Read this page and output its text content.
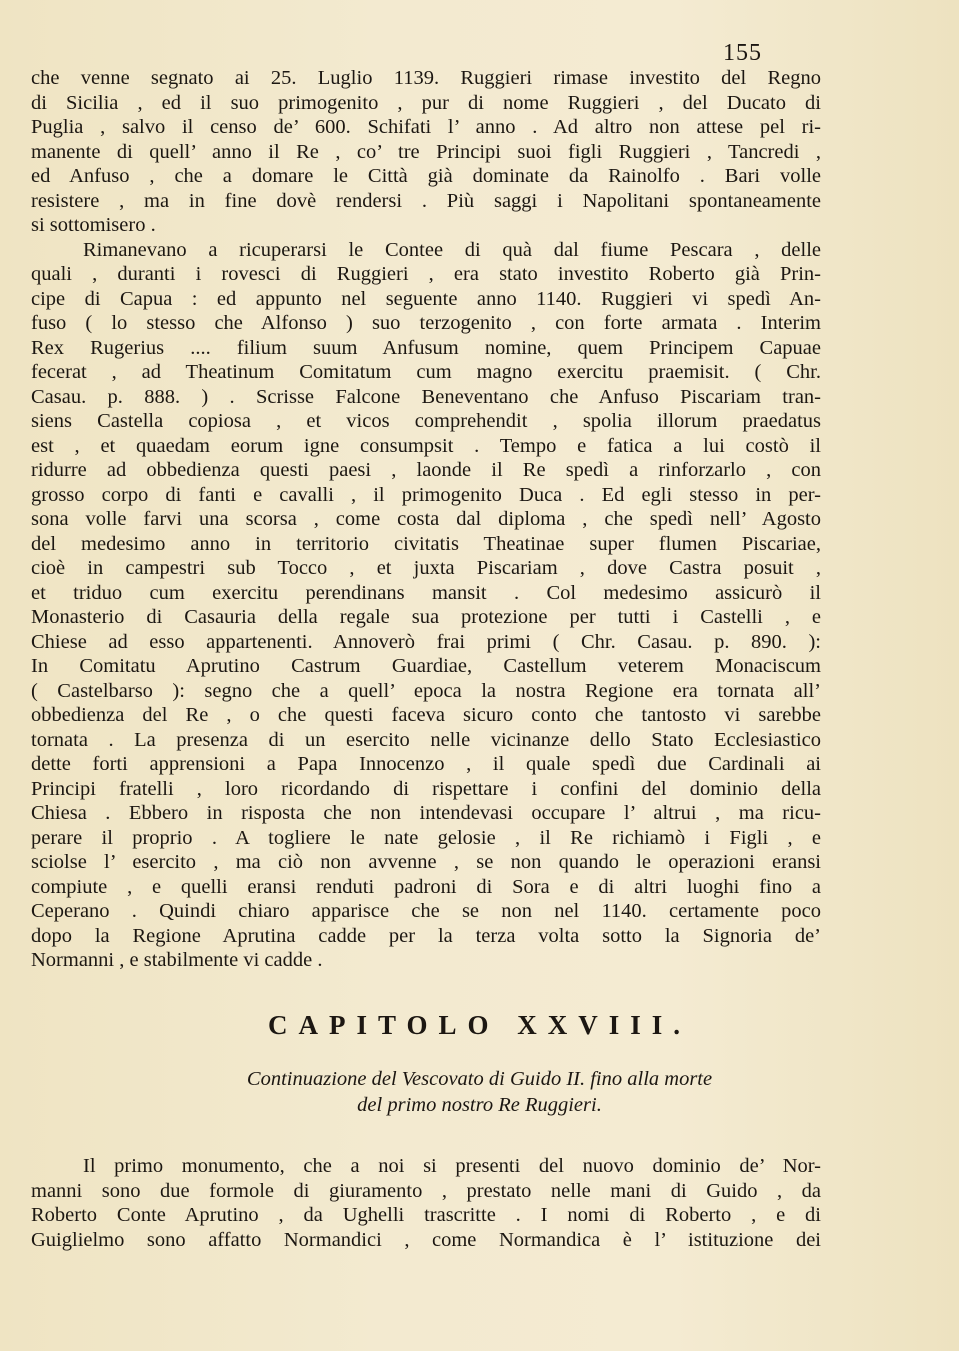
155
che venne segnato ai 25. Luglio 1139. Ruggieri rimase investito del Regno
di Sicilia , ed il suo primogenito , pur di nome Ruggieri , del Ducato di
Puglia , salvo il censo de’ 600. Schifati l’ anno . Ad altro non attese pel ri-
manente di quell’ anno il Re , co’ tre Principi suoi figli Ruggieri , Tancredi ,
ed Anfuso , che a domare le Città già dominate da Rainolfo . Bari volle
resistere , ma in fine dovè rendersi . Più saggi i Napolitani spontaneamente
si sottomisero .
Rimanevano a ricuperarsi le Contee di quà dal fiume Pescara , delle
quali , duranti i rovesci di Ruggieri , era stato investito Roberto già Prin-
cipe di Capua : ed appunto nel seguente anno 1140. Ruggieri vi spedì An-
fuso ( lo stesso che Alfonso ) suo terzogenito , con forte armata . Interim
Rex Rugerius .... filium suum Anfusum nomine, quem Principem Capuae
fecerat , ad Theatinum Comitatum cum magno exercitu praemisit. ( Chr.
Casau. p. 888. ) . Scrisse Falcone Beneventano che Anfuso Piscariam tran-
siens Castella copiosa , et vicos comprehendit , spolia illorum praedatus
est , et quaedam eorum igne consumpsit . Tempo e fatica a lui costò il
ridurre ad obbedienza questi paesi , laonde il Re spedì a rinforzarlo , con
grosso corpo di fanti e cavalli , il primogenito Duca . Ed egli stesso in per-
sona volle farvi una scorsa , come costa dal diploma , che spedì nell’ Agosto
del medesimo anno in territorio civitatis Theatinae super flumen Piscariae,
cioè in campestri sub Tocco , et juxta Piscariam , dove Castra posuit ,
et triduo cum exercitu perendinans mansit . Col medesimo assicurò il
Monasterio di Casauria della regale sua protezione per tutti i Castelli , e
Chiese ad esso appartenenti. Annoverò frai primi ( Chr. Casau. p. 890. ):
In Comitatu Aprutino Castrum Guardiae, Castellum veterem Monaciscum
( Castelbarso ): segno che a quell’ epoca la nostra Regione era tornata all’
obbedienza del Re , o che questi faceva sicuro conto che tantosto vi sarebbe
tornata . La presenza di un esercito nelle vicinanze dello Stato Ecclesiastico
dette forti apprensioni a Papa Innocenzo , il quale spedì due Cardinali ai
Principi fratelli , loro ricordando di rispettare i confini del dominio della
Chiesa . Ebbero in risposta che non intendevasi occupare l’ altrui , ma ricu-
perare il proprio . A togliere le nate gelosie , il Re richiamò i Figli , e
sciolse l’ esercito , ma ciò non avvenne , se non quando le operazioni eransi
compiute , e quelli eransi renduti padroni di Sora e di altri luoghi fino a
Ceperano . Quindi chiaro apparisce che se non nel 1140. certamente poco
dopo la Regione Aprutina cadde per la terza volta sotto la Signoria de’
Normanni , e stabilmente vi cadde .
CAPITOLO XXVIII.
Continuazione del Vescovato di Guido II. fino alla morte
del primo nostro Re Ruggieri.
Il primo monumento, che a noi si presenti del nuovo dominio de’ Nor-
manni sono due formole di giuramento , prestato nelle mani di Guido , da
Roberto Conte Aprutino , da Ughelli trascritte . I nomi di Roberto , e di
Guiglielmo sono affatto Normandici , come Normandica è l’ istituzione dei
